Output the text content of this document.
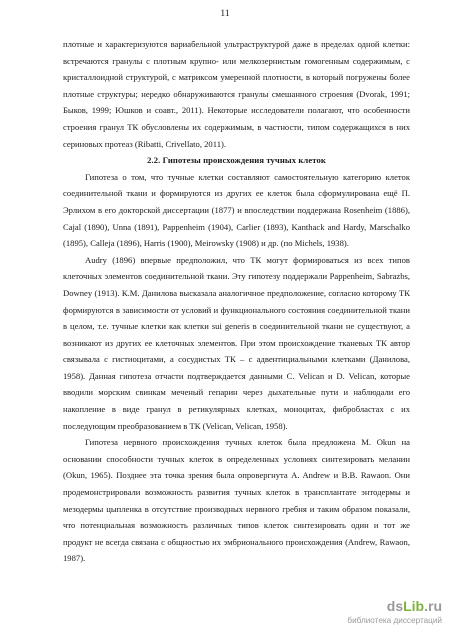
11

плотные и характеризуются вариабельной ультраструктурой даже в пределах одной клетки: встречаются гранулы с плотным крупно- или мелкозернистым гомогенным содержимым, с кристаллоидной структурой, с матриксом умеренной плотности, в который погружены более плотные структуры; нередко обнаруживаются гранулы смешанного строения (Dvorak, 1991; Быков, 1999; Юшков и соавт., 2011). Некоторые исследователи полагают, что особенности строения гранул ТК обусловлены их содержимым, в частности, типом содержащихся в них сериновых протеаз (Ribatti, Crivellato, 2011).

2.2. Гипотезы происхождения тучных клеток

Гипотеза о том, что тучные клетки составляют самостоятельную категорию клеток соединительной ткани и формируются из других ее клеток была сформулирована ещё П. Эрлихом в его докторской диссертации (1877) и впоследствии поддержана Rosenheim (1886), Cajal (1890), Unna (1891), Pappenheim (1904), Carlier (1893), Kanthack and Hardy, Marschalko (1895), Calleja (1896), Harris (1900), Meirowsky (1908) и др. (по Michels, 1938).

Audry (1896) впервые предположил, что ТК могут формироваться из всех типов клеточных элементов соединительной ткани. Эту гипотезу поддержали Pappenheim, Sabrazbs, Downey (1913). К.М. Данилова высказала аналогичное предположение, согласно которому ТК формируются в зависимости от условий и функционального состояния соединительной ткани в целом, т.е. тучные клетки как клетки sui generis в соединительной ткани не существуют, а возникают из других ее клеточных элементов. При этом происхождение тканевых ТК автор связывала с гистиоцитами, а сосудистых ТК – с адвентициальными клетками (Данилова, 1958). Данная гипотеза отчасти подтверждается данными С. Velican и D. Velican, которые вводили морским свинкам меченый гепарин через дыхательные пути и наблюдали его накопление в виде гранул в ретикулярных клетках, моноцитах, фибробластах с их последующим преобразованием в ТК (Velican, Velican, 1958).

Гипотеза нервного происхождения тучных клеток была предложена М. Okun на основании способности тучных клеток в определенных условиях синтезировать меланин (Okun, 1965). Позднее эта точка зрения была опровергнута A. Andrew и B.B. Rawaon. Они продемонстрировали возможность развития тучных клеток в трансплантате энтодермы и мезодермы цыпленка в отсутствие производных нервного гребня и таким образом показали, что потенциальная возможность различных типов клеток синтезировать один и тот же продукт не всегда связана с общностью их эмбрионального происхождения (Andrew, Rawaon, 1987).

dsLib.ru
библиотека диссертаций
